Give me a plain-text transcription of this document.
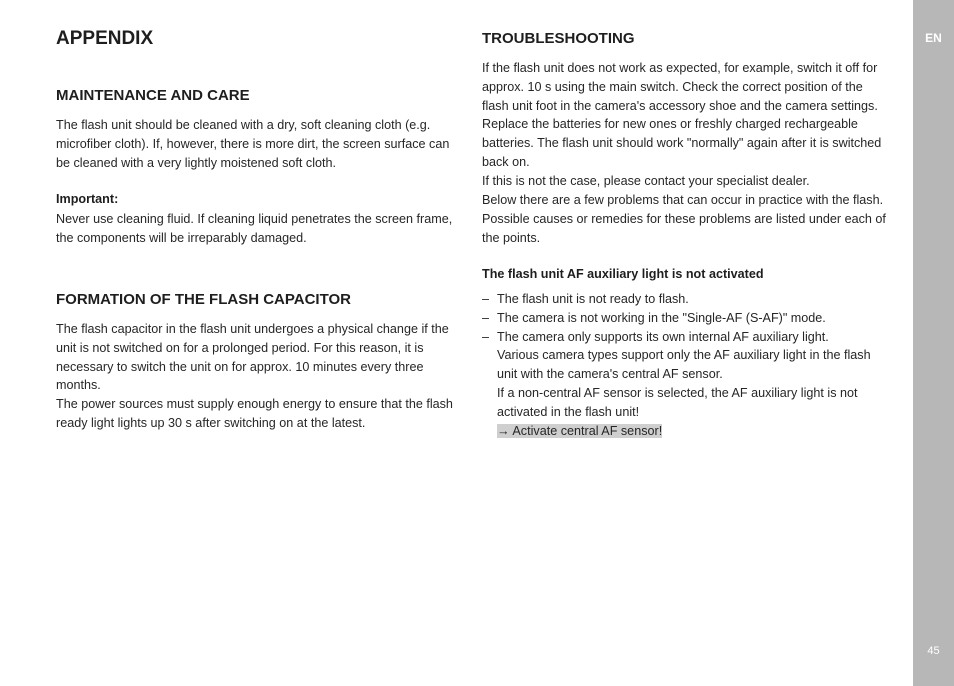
APPENDIX
MAINTENANCE AND CARE

The flash unit should be cleaned with a dry, soft cleaning cloth (e.g. microfiber cloth). If, however, there is more dirt, the screen surface can be cleaned with a very lightly moistened soft cloth.

Important:

Never use cleaning fluid. If cleaning liquid penetrates the screen frame, the components will be irreparably damaged.

FORMATION OF THE FLASH CAPACITOR

The flash capacitor in the flash unit undergoes a physical change if the unit is not switched on for a prolonged period. For this reason, it is necessary to switch the unit on for approx. 10 minutes every three months.

The power sources must supply enough energy to ensure that the flash ready light lights up 30 s after switching on at the latest.

TROUBLESHOOTING

If the flash unit does not work as expected, for example, switch it off for approx. 10 s using the main switch. Check the correct position of the flash unit foot in the camera's accessory shoe and the camera settings. Replace the batteries for new ones or freshly charged rechargeable batteries. The flash unit should work "normally" again after it is switched back on.

If this is not the case, please contact your specialist dealer.

Below there are a few problems that can occur in practice with the flash. Possible causes or remedies for these problems are listed under each of the points.

The flash unit AF auxiliary light is not activated
– The flash unit is not ready to flash.
– The camera is not working in the "Single-AF (S-AF)" mode.
– The camera only supports its own internal AF auxiliary light.
Various camera types support only the AF auxiliary light in the flash unit with the camera's central AF sensor.
If a non-central AF sensor is selected, the AF auxiliary light is not activated in the flash unit!
→ Activate central AF sensor!
EN
45
